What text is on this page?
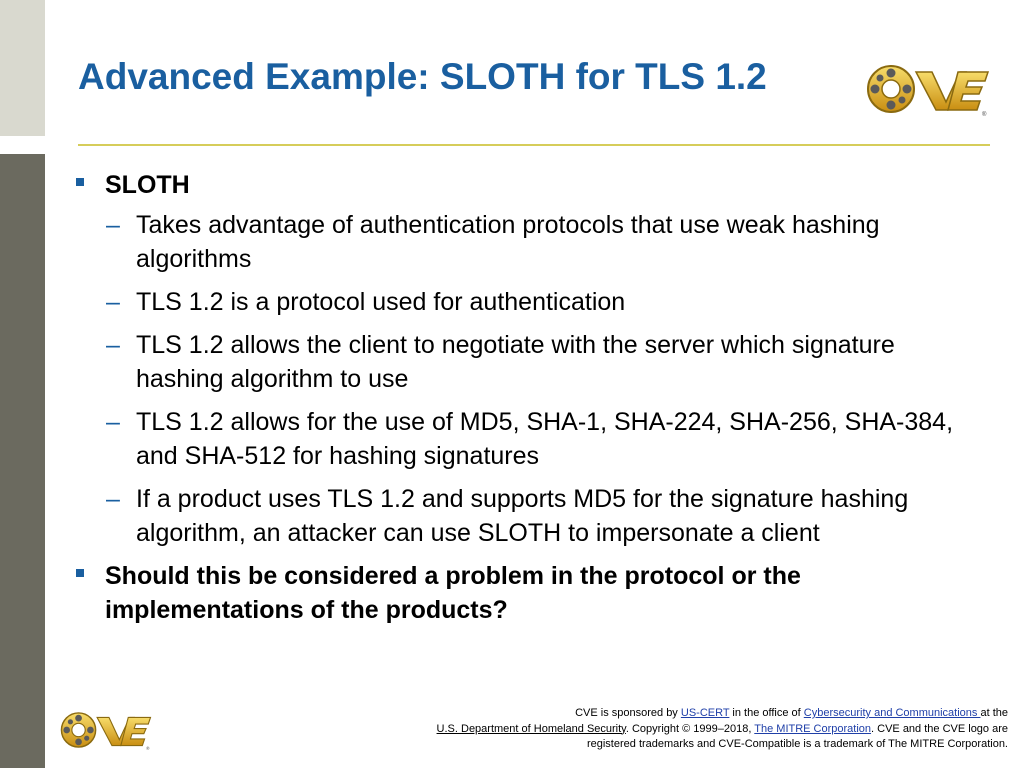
Advanced Example: SLOTH for TLS 1.2
®
SLOTH
– Takes advantage of authentication protocols that use weak hashing algorithms
– TLS 1.2 is a protocol used for authentication
– TLS 1.2 allows the client to negotiate with the server which signature hashing algorithm to use
– TLS 1.2 allows for the use of MD5, SHA-1, SHA-224, SHA-256, SHA-384, and SHA-512 for hashing signatures
– If a product uses TLS 1.2 and supports MD5 for the signature hashing algorithm, an attacker can use SLOTH to impersonate a client
Should this be considered a problem in the protocol or the implementations of the products?
®
CVE is sponsored by US-CERT in the office of Cybersecurity and Communications at the
U.S. Department of Homeland Security. Copyright © 1999–2018, The MITRE Corporation. CVE and the CVE logo are registered trademarks and CVE-Compatible is a trademark of The MITRE Corporation.
